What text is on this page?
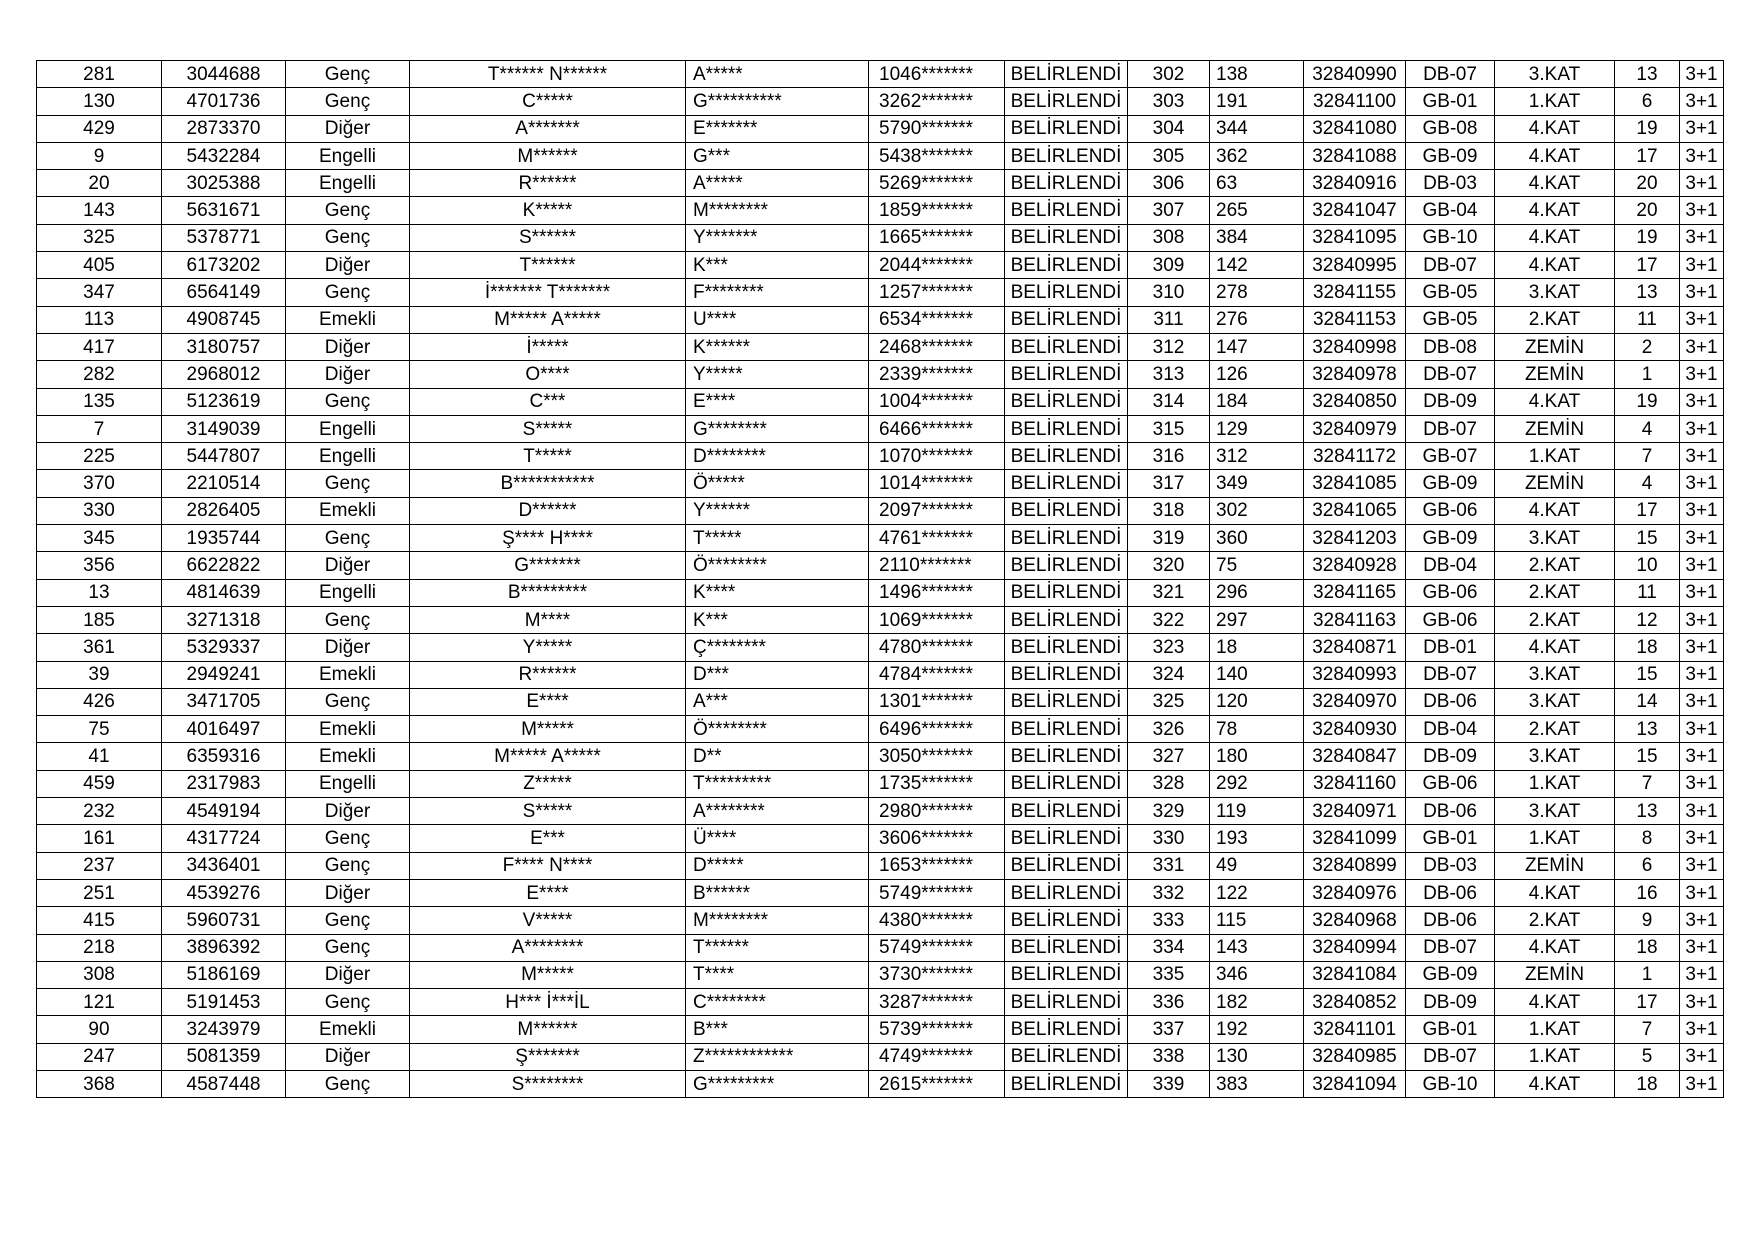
281	3044688	Genç	T****** N******	A*****	1046*******	BELİRLENDİ	302	138	32840990	DB-07	3.KAT	13	3+1
130	4701736	Genç	C*****	G**********	3262*******	BELİRLENDİ	303	191	32841100	GB-01	1.KAT	6	3+1
429	2873370	Diğer	A*******	E*******	5790*******	BELİRLENDİ	304	344	32841080	GB-08	4.KAT	19	3+1
9	5432284	Engelli	M******	G***	5438*******	BELİRLENDİ	305	362	32841088	GB-09	4.KAT	17	3+1
20	3025388	Engelli	R******	A*****	5269*******	BELİRLENDİ	306	63	32840916	DB-03	4.KAT	20	3+1
143	5631671	Genç	K*****	M********	1859*******	BELİRLENDİ	307	265	32841047	GB-04	4.KAT	20	3+1
325	5378771	Genç	S******	Y*******	1665*******	BELİRLENDİ	308	384	32841095	GB-10	4.KAT	19	3+1
405	6173202	Diğer	T******	K***	2044*******	BELİRLENDİ	309	142	32840995	DB-07	4.KAT	17	3+1
347	6564149	Genç	İ******* T*******	F********	1257*******	BELİRLENDİ	310	278	32841155	GB-05	3.KAT	13	3+1
113	4908745	Emekli	M***** A*****	U****	6534*******	BELİRLENDİ	311	276	32841153	GB-05	2.KAT	11	3+1
417	3180757	Diğer	İ*****	K******	2468*******	BELİRLENDİ	312	147	32840998	DB-08	ZEMİN	2	3+1
282	2968012	Diğer	O****	Y*****	2339*******	BELİRLENDİ	313	126	32840978	DB-07	ZEMİN	1	3+1
135	5123619	Genç	C***	E****	1004*******	BELİRLENDİ	314	184	32840850	DB-09	4.KAT	19	3+1
7	3149039	Engelli	S*****	G********	6466*******	BELİRLENDİ	315	129	32840979	DB-07	ZEMİN	4	3+1
225	5447807	Engelli	T*****	D********	1070*******	BELİRLENDİ	316	312	32841172	GB-07	1.KAT	7	3+1
370	2210514	Genç	B***********	Ö*****	1014*******	BELİRLENDİ	317	349	32841085	GB-09	ZEMİN	4	3+1
330	2826405	Emekli	D******	Y******	2097*******	BELİRLENDİ	318	302	32841065	GB-06	4.KAT	17	3+1
345	1935744	Genç	Ş**** H****	T*****	4761*******	BELİRLENDİ	319	360	32841203	GB-09	3.KAT	15	3+1
356	6622822	Diğer	G*******	Ö********	2110*******	BELİRLENDİ	320	75	32840928	DB-04	2.KAT	10	3+1
13	4814639	Engelli	B*********	K****	1496*******	BELİRLENDİ	321	296	32841165	GB-06	2.KAT	11	3+1
185	3271318	Genç	M****	K***	1069*******	BELİRLENDİ	322	297	32841163	GB-06	2.KAT	12	3+1
361	5329337	Diğer	Y*****	Ç********	4780*******	BELİRLENDİ	323	18	32840871	DB-01	4.KAT	18	3+1
39	2949241	Emekli	R******	D***	4784*******	BELİRLENDİ	324	140	32840993	DB-07	3.KAT	15	3+1
426	3471705	Genç	E****	A***	1301*******	BELİRLENDİ	325	120	32840970	DB-06	3.KAT	14	3+1
75	4016497	Emekli	M*****	Ö********	6496*******	BELİRLENDİ	326	78	32840930	DB-04	2.KAT	13	3+1
41	6359316	Emekli	M***** A*****	D**	3050*******	BELİRLENDİ	327	180	32840847	DB-09	3.KAT	15	3+1
459	2317983	Engelli	Z*****	T*********	1735*******	BELİRLENDİ	328	292	32841160	GB-06	1.KAT	7	3+1
232	4549194	Diğer	S*****	A********	2980*******	BELİRLENDİ	329	119	32840971	DB-06	3.KAT	13	3+1
161	4317724	Genç	E***	Ü****	3606*******	BELİRLENDİ	330	193	32841099	GB-01	1.KAT	8	3+1
237	3436401	Genç	F**** N****	D*****	1653*******	BELİRLENDİ	331	49	32840899	DB-03	ZEMİN	6	3+1
251	4539276	Diğer	E****	B******	5749*******	BELİRLENDİ	332	122	32840976	DB-06	4.KAT	16	3+1
415	5960731	Genç	V*****	M********	4380*******	BELİRLENDİ	333	115	32840968	DB-06	2.KAT	9	3+1
218	3896392	Genç	A********	T******	5749*******	BELİRLENDİ	334	143	32840994	DB-07	4.KAT	18	3+1
308	5186169	Diğer	M*****	T****	3730*******	BELİRLENDİ	335	346	32841084	GB-09	ZEMİN	1	3+1
121	5191453	Genç	H*** İ***İL	C********	3287*******	BELİRLENDİ	336	182	32840852	DB-09	4.KAT	17	3+1
90	3243979	Emekli	M******	B***	5739*******	BELİRLENDİ	337	192	32841101	GB-01	1.KAT	7	3+1
247	5081359	Diğer	Ş*******	Z************	4749*******	BELİRLENDİ	338	130	32840985	DB-07	1.KAT	5	3+1
368	4587448	Genç	S********	G*********	2615*******	BELİRLENDİ	339	383	32841094	GB-10	4.KAT	18	3+1
